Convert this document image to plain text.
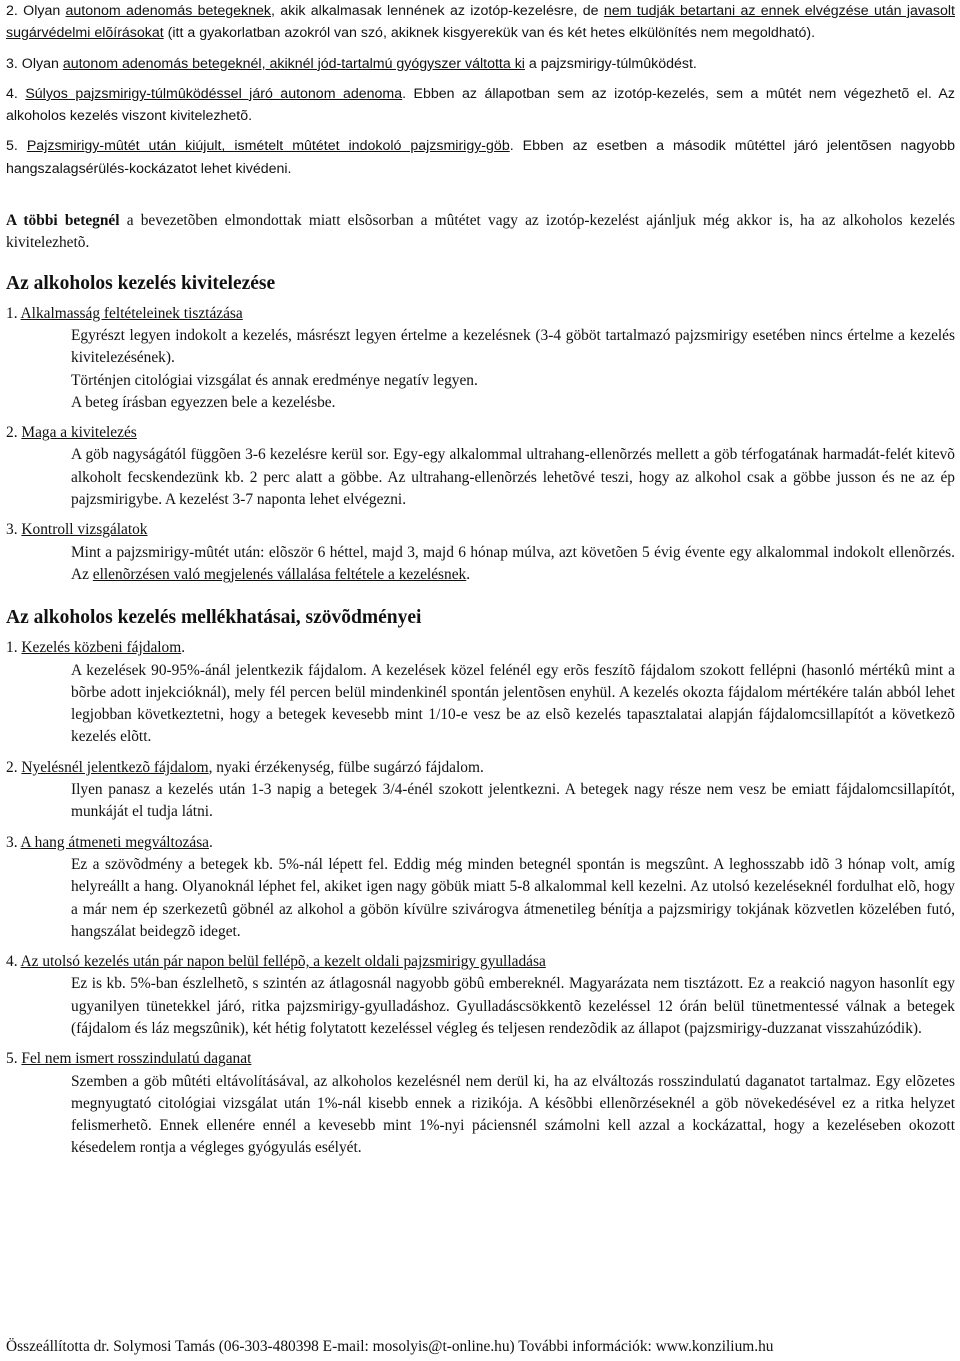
2. Olyan autonom adenomás betegeknek, akik alkalmasak lennének az izotóp-kezelésre, de nem tudják betartani az ennek elvégzése után javasolt sugárvédelmi elõírásokat (itt a gyakorlatban azokról van szó, akiknek kisgyerekük van és két hetes elkülönítés nem megoldható).

3. Olyan autonom adenomás betegeknél, akiknél jód-tartalmú gyógyszer váltotta ki a pajzsmirigy-túlmûködést.

4. Súlyos pajzsmirigy-túlmûködéssel járó autonom adenoma. Ebben az állapotban sem az izotóp-kezelés, sem a mûtét nem végezhetõ el. Az alkoholos kezelés viszont kivitelezhetõ.

5. Pajzsmirigy-mûtét után kiújult, ismételt mûtétet indokoló pajzsmirigy-göb. Ebben az esetben a második mûtéttel járó jelentõsen nagyobb hangszalagsérülés-kockázatot lehet kivédeni.

A többi betegnél a bevezetõben elmondottak miatt elsõsorban a mûtétet vagy az izotóp-kezelést ajánljuk még akkor is, ha az alkoholos kezelés kivitelezhetõ.

Az alkoholos kezelés kivitelezése

1. Alkalmasság feltételeinek tisztázása

Egyrészt legyen indokolt a kezelés, másrészt legyen értelme a kezelésnek (3-4 göböt tartalmazó pajzsmirigy esetében nincs értelme a kezelés kivitelezésének).

Történjen citológiai vizsgálat és annak eredménye negatív legyen.

A beteg írásban egyezzen bele a kezelésbe.

2. Maga a kivitelezés

A göb nagyságától függõen 3-6 kezelésre kerül sor. Egy-egy alkalommal ultrahang-ellenõrzés mellett a göb térfogatának harmadát-felét kitevõ alkoholt fecskendezünk kb. 2 perc alatt a göbbe. Az ultrahang-ellenõrzés lehetõvé teszi, hogy az alkohol csak a göbbe jusson és ne az ép pajzsmirigybe. A kezelést 3-7 naponta lehet elvégezni.

3. Kontroll vizsgálatok

Mint a pajzsmirigy-mûtét után: elõször 6 héttel, majd 3, majd 6 hónap múlva, azt követõen 5 évig évente egy alkalommal indokolt ellenõrzés. Az ellenõrzésen való megjelenés vállalása feltétele a kezelésnek.

Az alkoholos kezelés mellékhatásai, szövõdményei

1. Kezelés közbeni fájdalom.

A kezelések 90-95%-ánál jelentkezik fájdalom. A kezelések közel felénél egy erõs feszítõ fájdalom szokott fellépni (hasonló mértékû mint a bõrbe adott injekcióknál), mely fél percen belül mindenkinél spontán jelentõsen enyhül. A kezelés okozta fájdalom mértékére talán abból lehet legjobban következtetni, hogy a betegek kevesebb mint 1/10-e vesz be az elsõ kezelés tapasztalatai alapján fájdalomcsillapítót a következõ kezelés elõtt.

2. Nyelésnél jelentkezõ fájdalom, nyaki érzékenység, fülbe sugárzó fájdalom.

Ilyen panasz a kezelés után 1-3 napig a betegek 3/4-énél szokott jelentkezni. A betegek nagy része nem vesz be emiatt fájdalomcsillapítót, munkáját el tudja látni.

3. A hang átmeneti megváltozása.

Ez a szövõdmény a betegek kb. 5%-nál lépett fel. Eddig még minden betegnél spontán is megszûnt. A leghosszabb idõ 3 hónap volt, amíg helyreállt a hang. Olyanoknál léphet fel, akiket igen nagy göbük miatt 5-8 alkalommal kell kezelni. Az utolsó kezeléseknél fordulhat elõ, hogy a már nem ép szerkezetû göbnél az alkohol a göbön kívülre szivárogva átmenetileg bénítja a pajzsmirigy tokjának közvetlen közelében futó, hangszálat beidegzõ ideget.

4. Az utolsó kezelés után pár napon belül fellépõ, a kezelt oldali pajzsmirigy gyulladása

Ez is kb. 5%-ban észlelhetõ, s szintén az átlagosnál nagyobb göbû embereknél. Magyarázata nem tisztázott. Ez a reakció nagyon hasonlít egy ugyanilyen tünetekkel járó, ritka pajzsmirigy-gyulladáshoz. Gyulladáscsökkentõ kezeléssel 12 órán belül tünetmentessé válnak a betegek (fájdalom és láz megszûnik), két hétig folytatott kezeléssel végleg és teljesen rendezõdik az állapot (pajzsmirigy-duzzanat visszahúzódik).

5. Fel nem ismert rosszindulatú daganat

Szemben a göb mûtéti eltávolításával, az alkoholos kezelésnél nem derül ki, ha az elváltozás rosszindulatú daganatot tartalmaz. Egy elõzetes megnyugtató citológiai vizsgálat után 1%-nál kisebb ennek a rizikója. A késõbbi ellenõrzéseknél a göb növekedésével ez a ritka helyzet felismerhetõ. Ennek ellenére ennél a kevesebb mint 1%-nyi páciensnél számolni kell azzal a kockázattal, hogy a kezeléseben okozott késedelem rontja a végleges gyógyulás esélyét.

Összeállította dr. Solymosi Tamás (06-303-480398 E-mail: mosolyis@t-online.hu) További információk: www.konzilium.hu
